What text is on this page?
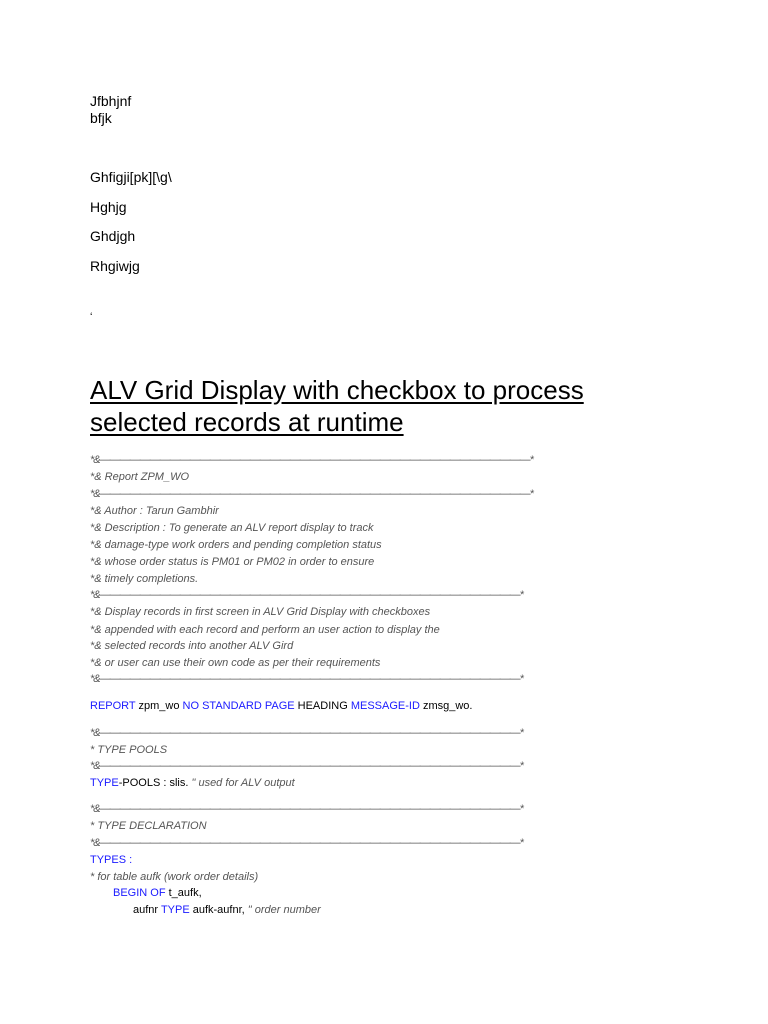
Jfbhjnf
bfjk
Ghfigji[pk][\g\
Hghjg
Ghdjgh
Rhgiwjg
‘
ALV Grid Display with checkbox to process
selected records at runtime
*&———————————————————————————————————————————*
*& Report ZPM_WO
*&———————————————————————————————————————————*
*& Author : Tarun Gambhir
*& Description : To generate an ALV report display to track
*& damage-type work orders and pending completion status
*& whose order status is PM01 or PM02 in order to ensure
*& timely completions.
*&——————————————————————————————————————————*
*& Display records in first screen in ALV Grid Display with checkboxes
*& appended with each record and perform an user action to display the
*& selected records into another ALV Gird
*& or user can use their own code as per their requirements
*&——————————————————————————————————————————*
REPORT zpm_wo NO STANDARD PAGE HEADING MESSAGE-ID zmsg_wo.
*&——————————————————————————————————————————*
* TYPE POOLS
*&——————————————————————————————————————————*
TYPE-POOLS : slis. " used for ALV output
*&——————————————————————————————————————————*
* TYPE DECLARATION
*&——————————————————————————————————————————*
TYPES :
* for table aufk (work order details)
BEGIN OF t_aufk,
aufnr TYPE aufk-aufnr, " order number
